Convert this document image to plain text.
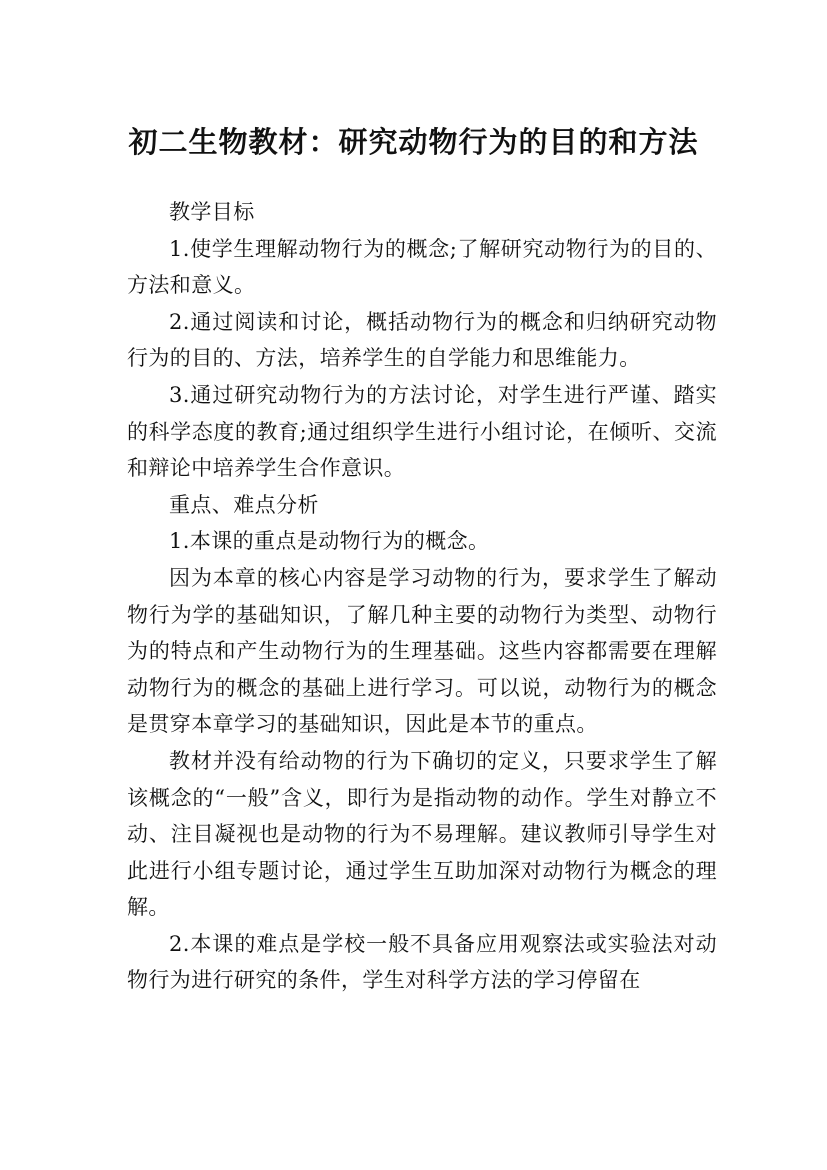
初二生物教材：研究动物行为的目的和方法

教学目标

1.使学生理解动物行为的概念;了解研究动物行为的目的、方法和意义。

2.通过阅读和讨论，概括动物行为的概念和归纳研究动物行为的目的、方法，培养学生的自学能力和思维能力。

3.通过研究动物行为的方法讨论，对学生进行严谨、踏实的科学态度的教育;通过组织学生进行小组讨论，在倾听、交流和辩论中培养学生合作意识。

重点、难点分析

1.本课的重点是动物行为的概念。

因为本章的核心内容是学习动物的行为，要求学生了解动物行为学的基础知识，了解几种主要的动物行为类型、动物行为的特点和产生动物行为的生理基础。这些内容都需要在理解动物行为的概念的基础上进行学习。可以说，动物行为的概念是贯穿本章学习的基础知识，因此是本节的重点。

教材并没有给动物的行为下确切的定义，只要求学生了解该概念的“一般”含义，即行为是指动物的动作。学生对静立不动、注目凝视也是动物的行为不易理解。建议教师引导学生对此进行小组专题讨论，通过学生互助加深对动物行为概念的理解。

2.本课的难点是学校一般不具备应用观察法或实验法对动物行为进行研究的条件，学生对科学方法的学习停留在
